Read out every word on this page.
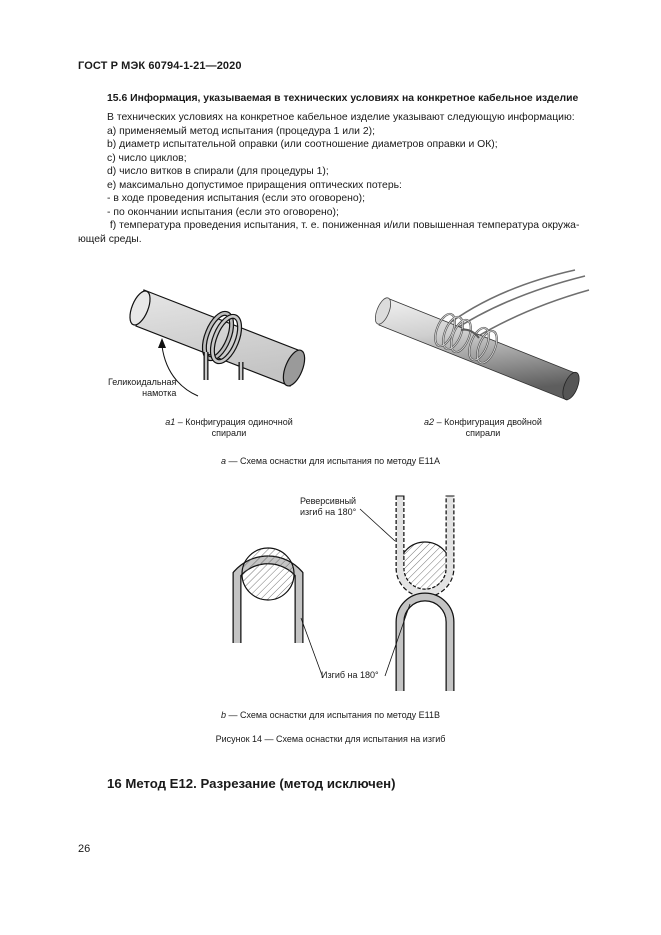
ГОСТ Р МЭК 60794-1-21—2020
15.6 Информация, указываемая в технических условиях на конкретное кабельное изделие
В технических условиях на конкретное кабельное изделие указывают следующую информацию:
а) применяемый метод испытания (процедура 1 или 2);
b) диаметр испытательной оправки (или соотношение диаметров оправки и ОК);
с) число циклов;
d) число витков в спирали (для процедуры 1);
е) максимально допустимое приращения оптических потерь:
- в ходе проведения испытания (если это оговорено);
- по окончании испытания (если это оговорено);
f) температура проведения испытания, т. е. пониженная и/или повышенная температура окружа-
ющей среды.
Геликоидальная
намотка
а1 – Конфигурация одиночной
спирали
а2 – Конфигурация двойной
спирали
а — Схема оснастки для испытания по методу E11A
Реверсивный
изгиб на 180°
Изгиб на 180°
b — Схема оснастки для испытания по методу E11B
Рисунок 14 — Схема оснастки для испытания на изгиб
16 Метод Е12. Разрезание (метод исключен)
26
